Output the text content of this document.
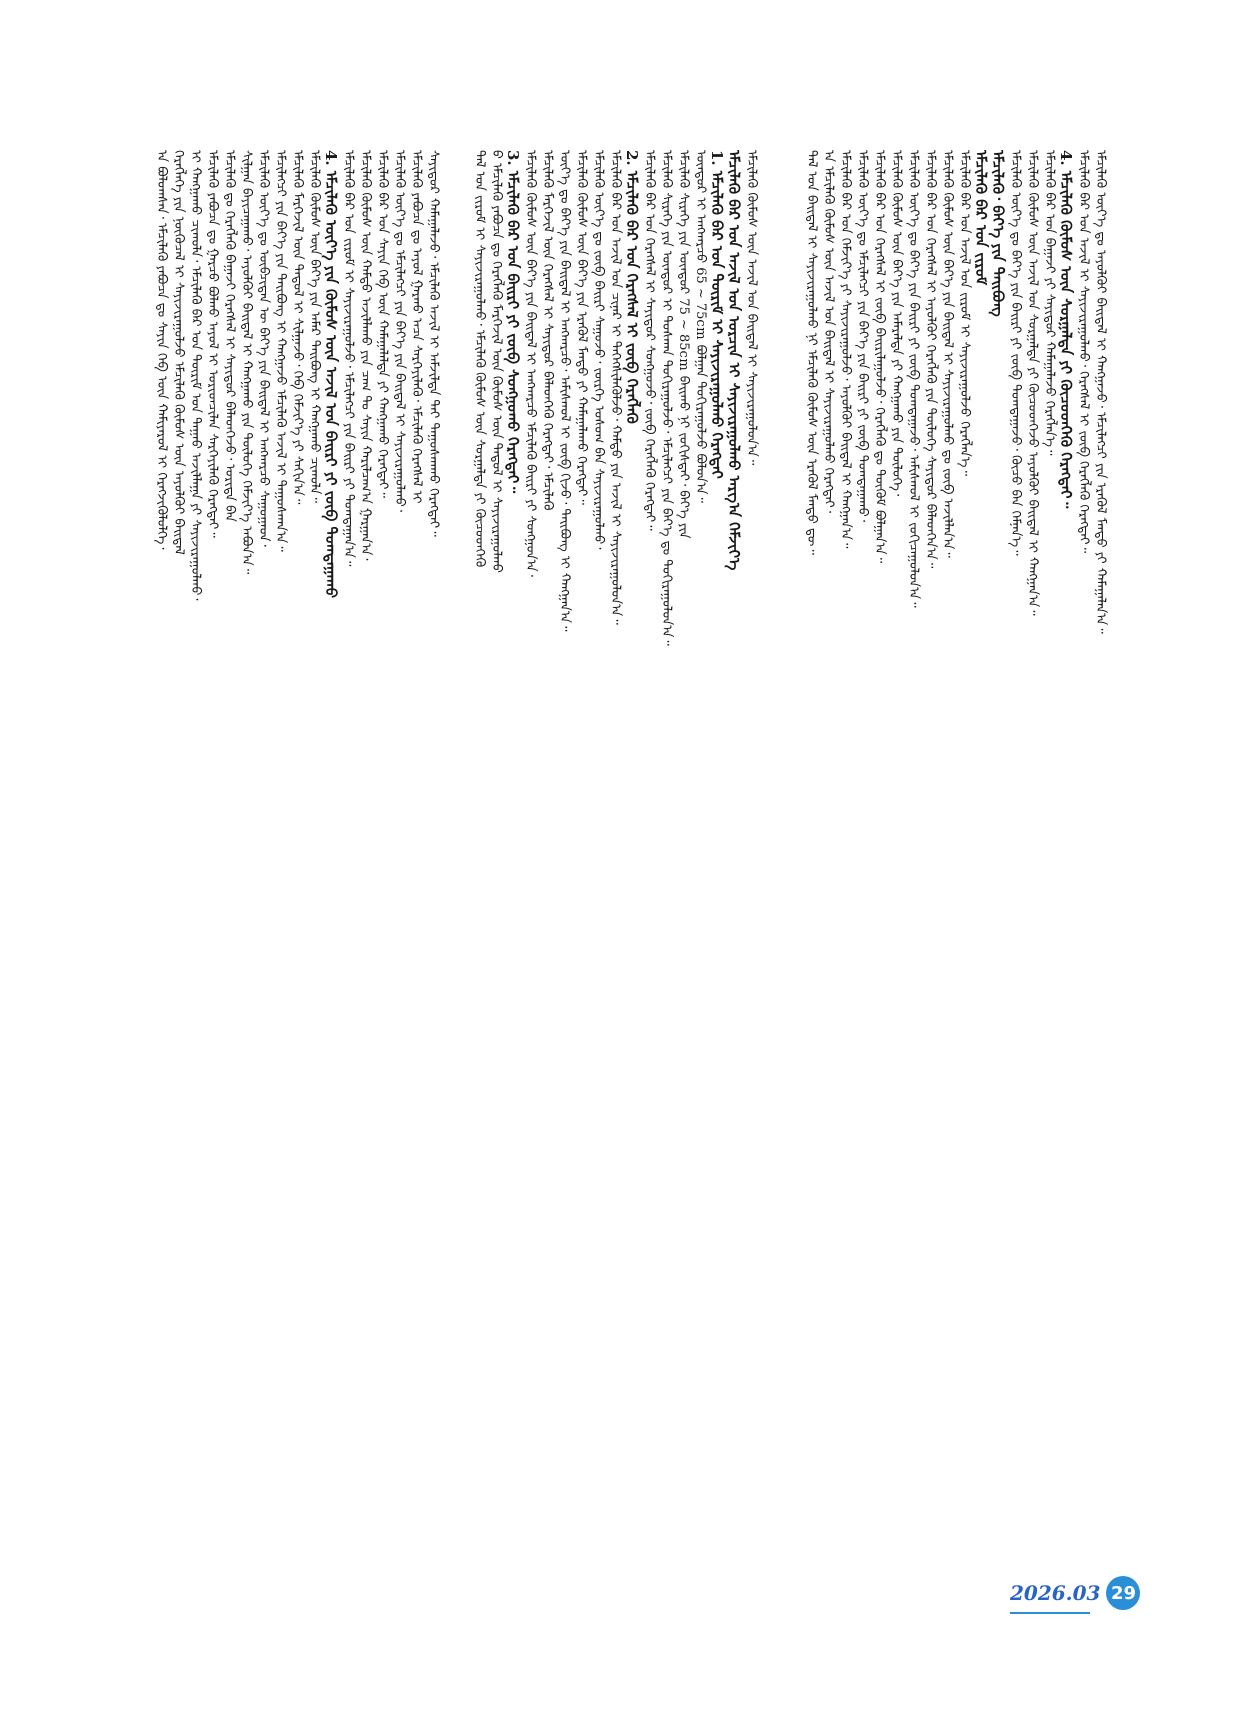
ᠠ ᠪᠤᠯᠤᠭᠰᠠᠨ᠂ ᠡᠮᠴᠢᠯᠡᠬᠦ ᠶᠠᠪᠤᠴᠠ ᠳᠤ ᠰᠠᠶᠢᠨ ᠬᠡᠪ ᠦᠨ ᠬᠠᠮᠢᠶᠠᠷᠤᠯ ᠢ ᠬᠡᠷᠡᠭᠵᠢᠭᠦᠯᠦᠯᠭᠡ᠂ ᠬᠡᠷᠡᠭᠯᠡᠭᠡ ᠶᠢᠨ ᠨᠥᠬᠦᠴᠡᠯ ᠢ ᠰᠠᠶᠢᠵᠢᠷᠠᠭᠤᠯᠵᠤ ᠡᠮᠴᠢᠯᠡᠬᠦ ᠬᠦᠮᠦᠰ ᠦᠨ ᠠᠶᠤᠯᠭᠦᠢ ᠪᠠᠢᠳᠠᠯ ᠢ ᠬᠠᠩᠭᠠᠬᠤ ᠴᠢᠬᠤᠯᠠ᠂ ᠡᠮᠴᠢᠯᠡᠬᠦ ᠪᠠᠷ ᠤᠨ ᠳᠦᠷᠢᠮ ᠤᠨ ᠳᠠᠭᠠᠤ ᠠᠵᠢᠯᠯᠠᠭᠠ ᠶᠢ ᠰᠠᠶᠢᠵᠢᠷᠠᠭᠤᠯᠬᠤ᠂ ᠡᠮᠴᠢᠯᠡᠬᠦ ᠶᠠᠪᠤᠴᠠ ᠳᠤ ᠭᠠᠷᠴᠤ ᠪᠣᠯᠬᠤ ᠠᠶᠤᠯ ᠢ ᠤᠷᠢᠳᠴᠢᠯᠠᠨ ᠰᠡᠷᠭᠡᠶᠢᠯᠡᠬᠦ ᠬᠡᠷᠡᠭᠲᠡᠢ᠃ ᠡᠮᠴᠢᠯᠡᠬᠦ ᠳᠤ ᠬᠡᠷᠡᠭᠯᠡᠬᠦ ᠪᠠᠭᠠᠵᠢ ᠬᠡᠷᠡᠭᠰᠡᠯ ᠢ ᠰᠠᠶᠢᠲᠤᠷ ᠪᠡᠯᠡᠳᠬᠡᠵᠦ᠂ ᠤᠷᠢᠳᠠ ᠪᠡᠨ ᠰᠢᠯᠭᠠᠨ ᠪᠠᠶᠢᠴᠠᠭᠠᠬᠤ᠂ ᠠᠶᠤᠯᠭᠦᠢ ᠪᠠᠢᠳᠠᠯ ᠢ ᠬᠠᠩᠭᠠᠬᠤ ᠶᠢᠨ ᠲᠦᠯᠦᠭᠡ ᠬᠡᠮᠵᠢᠶ᠎ᠡ ᠠᠪᠤᠨ᠎ᠠ᠃ ᠡᠮᠴᠢᠯᠡᠬᠦ ᠦᠶ᠎ᠡ ᠳᠤ ᠥᠪᠴᠢᠲᠡᠨ ᠦ ᠪᠡᠶ᠎ᠡ ᠶᠢᠨ ᠪᠠᠢᠳᠠᠯ ᠢ ᠠᠩᠬᠠᠷᠴᠤ ᠰᠠᠭᠤᠭᠠᠳ᠂ ᠡᠮᠴᠢᠯᠡᠭᠴᠢ ᠶᠢᠨ ᠪᠡᠶ᠎ᠡ ᠶᠢᠨ ᠲᠠᠢᠪᠤᠩ ᠢ ᠬᠠᠩᠭᠠᠵᠤ ᠡᠮᠴᠢᠯᠡᠬᠦ ᠠᠵᠢᠯ ᠢ ᠳᠠᠭᠤᠰᠬᠠᠨ᠎ᠠ᠃ ᠡᠮᠴᠢᠯᠡᠬᠦ ᠮᠡᠷᠭᠡᠵᠢᠯ ᠦᠨ ᠳᠠᠳᠤᠯ ᠢ ᠰᠢᠯᠭᠠᠵᠤ᠂ ᠬᠡᠪ ᠬᠡᠮᠵᠢᠶ᠎ᠡ ᠶᠢ ᠰᠠᠬᠢᠨ᠎ᠠ᠃ ᠡᠮᠴᠢᠯᠡᠬᠦ ᠬᠦᠮᠦᠰ ᠦᠨ ᠪᠡᠶ᠎ᠡ ᠶᠢᠨ ᠠᠮᠠᠷ ᠲᠠᠢᠪᠤᠩ ᠢ ᠬᠠᠩᠭᠠᠬᠤ ᠴᠢᠬᠤᠯᠠ᠃ 4. ᠡᠮᠴᠢᠯᠡᠬᠦ ᠦᠶ᠎ᠡ ᠶᠢᠨ ᠬᠦᠮᠦᠰ ᠦᠨ ᠠᠵᠢᠯ ᠤᠨ ᠪᠠᠢᠷᠢ ᠶᠢ ᠵᠦᠪ ᠲᠣᠭᠲᠠᠭᠠᠬᠤ ᠡᠮᠴᠢᠯᠡᠬᠦ ᠪᠠᠷ ᠤᠨ ᠵᠢᠷᠤᠮ ᠢ ᠰᠠᠶᠢᠵᠢᠷᠠᠭᠤᠯᠵᠤ᠂ ᠡᠮᠴᠢᠯᠡᠭᠴᠢ ᠶᠢᠨ ᠪᠠᠢᠷᠢ ᠶᠢ ᠲᠣᠭᠲᠠᠭᠠᠨ᠎ᠠ᠃ ᠡᠮᠴᠢᠯᠡᠬᠦ ᠬᠦᠮᠦᠰ ᠦᠨ ᠬᠠᠮᠲᠤ ᠠᠵᠢᠯᠯᠠᠬᠤ ᠶᠢᠨ ᠴᠠᠭ ᠲᠤ ᠰᠠᠶᠢᠨ ᠬᠠᠷᠢᠯᠴᠠᠭ᠎ᠠ ᠭᠠᠷᠭᠠᠨ᠎ᠠ᠂ ᠡᠮᠴᠢᠯᠡᠬᠦ ᠪᠠᠷ ᠤᠨ ᠰᠠᠶᠢᠨ ᠬᠡᠪ ᠦᠨ ᠬᠠᠮᠠᠭᠠᠯᠠᠯᠲᠠ ᠶᠢ ᠬᠠᠩᠭᠠᠬᠤ ᠬᠡᠷᠡᠭᠲᠡᠢ᠃ ᠡᠮᠴᠢᠯᠡᠬᠦ ᠦᠶ᠎ᠡ ᠳᠤ ᠡᠮᠴᠢᠯᠡᠭᠴᠢ ᠶᠢᠨ ᠪᠡᠶ᠎ᠡ ᠶᠢᠨ ᠪᠠᠢᠳᠠᠯ ᠢ ᠰᠠᠶᠢᠵᠢᠷᠠᠭᠤᠯᠬᠤ᠂ ᠡᠮᠴᠢᠯᠡᠬᠦ ᠶᠠᠪᠤᠴᠠ ᠳᠤ ᠠᠶᠤᠯ ᠭᠠᠷᠬᠤ ᠠᠴᠠ ᠰᠡᠷᠭᠡᠶᠢᠯᠡᠬᠦ᠂ ᠡᠮᠴᠢᠯᠡᠬᠦ ᠬᠡᠷᠡᠭᠰᠡᠯ ᠢ ᠰᠠᠶᠢᠲᠤᠷ ᠬᠠᠮᠠᠭᠠᠯᠠᠵᠤ᠂ ᠡᠮᠴᠢᠯᠡᠬᠦ ᠠᠵᠢᠯ ᠢ ᠠᠮᠵᠢᠯᠲᠠ ᠲᠠᠢ ᠳᠠᠭᠤᠰᠬᠠᠬᠤ ᠬᠡᠷᠡᠭᠲᠡᠢ᠃	ᠲᠠᠯ ᠤᠨ ᠵᠢᠷᠤᠮ ᠢ ᠰᠠᠶᠢᠵᠢᠷᠠᠭᠤᠯᠬᠤ᠂ ᠡᠮᠴᠢᠯᠡᠬᠦ ᠬᠦᠮᠦᠰ ᠦᠨ ᠰᠤᠷᠭᠠᠯᠲᠠ ᠶᠢ ᠬᠦᠴᠦᠳᠬᠡᠬᠦ ᠪ ᠡᠮᠴᠢᠯᠡᠬᠦ ᠶᠠᠪᠤᠴᠠ ᠳᠤ ᠬᠡᠷᠡᠭᠯᠡᠬᠦ ᠮᠡᠷᠭᠡᠵᠢᠯ ᠦᠨ ᠬᠦᠮᠦᠰ ᠦᠨ ᠳᠠᠳᠤᠯ ᠢ ᠰᠠᠶᠢᠵᠢᠷᠠᠭᠤᠯᠬᠤ 3. ᠡᠮᠴᠢᠯᠡᠬᠦ ᠪᠠᠷ ᠤᠨ ᠪᠠᠢᠷᠢ ᠶᠢ ᠵᠥᠪ ᠰᠣᠩᠭᠣᠬᠤ ᠬᠡᠷᠡᠭᠲᠡᠢ᠃ ᠡᠮᠴᠢᠯᠡᠬᠦ ᠬᠦᠮᠦᠰ ᠦᠨ ᠪᠡᠶ᠎ᠡ ᠶᠢᠨ ᠪᠠᠢᠳᠠᠯ ᠢ ᠠᠩᠬᠠᠷᠴᠤ ᠡᠮᠴᠢᠯᠡᠬᠦ ᠪᠠᠢᠷᠢ ᠶᠢ ᠰᠣᠩᠭᠣᠨ᠎ᠠ᠂ ᠡᠮᠴᠢᠯᠡᠬᠦ ᠮᠡᠷᠭᠡᠵᠢᠯ ᠦᠨ ᠬᠡᠷᠡᠭᠰᠡᠯ ᠢ ᠰᠠᠶᠢᠲᠤᠷ ᠪᠡᠯᠡᠳᠬᠡᠬᠦ ᠬᠡᠷᠡᠭᠲᠡᠢ᠂ ᠡᠮᠴᠢᠯᠡᠬᠦ ᠦᠶ᠎ᠡ ᠳᠤ ᠪᠡᠶ᠎ᠡ ᠶᠢᠨ ᠪᠠᠢᠳᠠᠯ ᠢ ᠠᠩᠬᠠᠷᠴᠤ᠂ ᠠᠮᠢᠰᠬᠤᠯ ᠢ ᠵᠥᠪ ᠬᠢᠵᠦ᠂ ᠲᠠᠢᠪᠤᠩ ᠢ ᠬᠠᠩᠭᠠᠨ᠎ᠠ᠃ ᠡᠮᠴᠢᠯᠡᠬᠦ ᠬᠦᠮᠦᠰ ᠦᠨ ᠪᠡᠶ᠎ᠡ ᠶᠢᠨ ᠡᠷᠡᠭᠦᠯ ᠮᠡᠨᠳᠦ ᠶᠢ ᠬᠠᠮᠠᠭᠠᠯᠠᠬᠤ ᠬᠡᠷᠡᠭᠲᠡᠢ᠃ ᠡᠮᠴᠢᠯᠡᠬᠦ ᠦᠶ᠎ᠡ ᠳᠤ ᠵᠥᠪ ᠪᠠᠢᠷᠢ ᠰᠠᠭᠤᠵᠤ᠂ ᠵᠦᠷᠬᠡ ᠤᠰᠤᠭ ᠪᠠᠨ ᠰᠠᠶᠢᠵᠢᠷᠠᠭᠤᠯᠬᠤ᠂ ᠡᠮᠴᠢᠯᠡᠬᠦ ᠪᠠᠷ ᠤᠨ ᠠᠵᠢᠯ ᠤᠨ ᠴᠢᠨᠠᠷ ᠢ ᠳᠡᠭᠡᠭᠰᠢᠯᠡᠭᠦᠯᠵᠦ᠂ ᠬᠠᠮᠲᠤ ᠶᠢᠨ ᠠᠵᠢᠯ ᠢ ᠰᠠᠶᠢᠵᠢᠷᠠᠭᠤᠯᠤᠨ᠎ᠠ᠃ 2. ᠡᠮᠴᠢᠯᠡᠬᠦ ᠪᠠᠷ ᠤᠨ ᠬᠡᠷᠡᠭᠰᠡᠯ ᠢ ᠵᠥᠪ ᠬᠡᠷᠡᠭᠯᠡᠬᠦ ᠡᠮᠴᠢᠯᠡᠬᠦ ᠪᠠᠷ ᠤᠨ ᠬᠡᠷᠡᠭᠰᠡᠯ ᠢ ᠰᠠᠶᠢᠲᠤᠷ ᠰᠣᠩᠭᠣᠵᠤ᠂ ᠵᠥᠪ ᠬᠡᠷᠡᠭᠯᠡᠬᠦ ᠬᠡᠷᠡᠭᠲᠡᠢ᠃ ᠡᠮᠴᠢᠯᠡᠬᠦ ᠰᠢᠷᠡᠭᠡ ᠶᠢᠨ ᠥᠨᠳᠦᠷ ᠢ ᠳᠤᠰᠬᠠᠨ ᠲᠣᠬᠢᠷᠠᠭᠤᠯᠵᠤ᠂ ᠡᠮᠴᠢᠯᠡᠭᠴᠢ ᠶᠢᠨ ᠪᠡᠶ᠎ᠡ ᠳᠤ ᠲᠣᠬᠢᠷᠠᠭᠤᠯᠤᠨ᠎ᠠ᠃ ᠡᠮᠴᠢᠯᠡᠬᠦ ᠰᠢᠷᠡᠭᠡ ᠶᠢᠨ ᠥᠨᠳᠦᠷ 75 ~ 85cm ᠪᠠᠢᠬᠤ ᠨᠢ ᠵᠣᠬᠢᠰᠲᠠᠢ᠂ ᠪᠡᠶ᠎ᠡ ᠶᠢᠨ ᠥᠨᠳᠦᠷ ᠢ ᠠᠩᠬᠠᠷᠴᠤ 65 ~ 75cm ᠪᠣᠯᠭᠠᠨ ᠲᠣᠬᠢᠷᠠᠭᠤᠯᠵᠤ ᠪᠣᠯᠤᠨ᠎ᠠ᠃ 1. ᠡᠮᠴᠢᠯᠡᠬᠦ ᠪᠠᠷ ᠤᠨ ᠳᠦᠷᠢᠮ ᠢ ᠰᠠᠶᠢᠵᠢᠷᠠᠭᠤᠯᠬᠤ ᠬᠡᠷᠡᠭᠲᠡᠢ ᠡᠮᠴᠢᠯᠡᠬᠦ ᠪᠠᠷ ᠤᠨ ᠠᠵᠢᠯ ᠤᠨ ᠤᠷᠴᠢᠨ ᠢ ᠰᠠᠶᠢᠵᠢᠷᠠᠭᠤᠯᠬᠤ ᠠᠷᠭ᠎ᠠ ᠬᠡᠮᠵᠢᠶ᠎ᠡ ᠡᠮᠴᠢᠯᠡᠬᠦ ᠬᠦᠮᠦᠰ ᠦᠨ ᠠᠵᠢᠯ ᠤᠨ ᠪᠠᠢᠳᠠᠯ ᠢ ᠰᠠᠶᠢᠵᠢᠷᠠᠭᠤᠯᠤᠨ᠎ᠠ᠃	ᠲᠠᠯ ᠤᠨ ᠪᠠᠢᠳᠠᠯ ᠢ ᠰᠠᠶᠢᠵᠢᠷᠠᠭᠤᠯᠬᠤ ᠨᠢ ᠡᠮᠴᠢᠯᠡᠬᠦ ᠬᠦᠮᠦᠰ ᠦᠨ ᠡᠷᠡᠭᠦᠯ ᠮᠡᠨᠳᠦ ᠳᠦ᠃ ᠠ ᠡᠮᠴᠢᠯᠡᠬᠦ ᠬᠦᠮᠦᠰ ᠦᠨ ᠠᠵᠢᠯ ᠤᠨ ᠪᠠᠢᠳᠠᠯ ᠢ ᠰᠠᠶᠢᠵᠢᠷᠠᠭᠤᠯᠬᠤ ᠬᠡᠷᠡᠭᠲᠡᠢ᠂ ᠡᠮᠴᠢᠯᠡᠬᠦ ᠪᠠᠷ ᠤᠨ ᠬᠡᠮᠵᠢᠶ᠎ᠡ ᠶᠢ ᠰᠠᠶᠢᠵᠢᠷᠠᠭᠤᠯᠵᠤ᠂ ᠠᠶᠤᠯᠭᠦᠢ ᠪᠠᠢᠳᠠᠯ ᠢ ᠬᠠᠩᠭᠠᠨ᠎ᠠ᠃ ᠡᠮᠴᠢᠯᠡᠬᠦ ᠦᠶ᠎ᠡ ᠳᠤ ᠡᠮᠴᠢᠯᠡᠭᠴᠢ ᠶᠢᠨ ᠪᠡᠶ᠎ᠡ ᠶᠢᠨ ᠪᠠᠢᠷᠢ ᠶᠢ ᠵᠥᠪ ᠲᠣᠭᠲᠠᠭᠠᠬᠤ᠂ ᠡᠮᠴᠢᠯᠡᠬᠦ ᠪᠠᠷ ᠤᠨ ᠬᠡᠷᠡᠭᠰᠡᠯ ᠢ ᠵᠥᠪ ᠪᠠᠢᠷᠢᠯᠠᠭᠤᠯᠵᠤ᠂ ᠬᠡᠷᠡᠭᠯᠡᠬᠦ ᠳᠤ ᠳᠥᠬᠦᠮ ᠪᠣᠯᠭᠠᠨ᠎ᠠ᠃ ᠡᠮᠴᠢᠯᠡᠬᠦ ᠬᠦᠮᠦᠰ ᠦᠨ ᠪᠡᠶ᠎ᠡ ᠶᠢᠨ ᠠᠮᠠᠷᠠᠯᠲᠠ ᠶᠢ ᠬᠠᠩᠭᠠᠬᠤ ᠶᠢᠨ ᠲᠥᠯᠦᠭᠡ᠂ ᠡᠮᠴᠢᠯᠡᠬᠦ ᠦᠶ᠎ᠡ ᠳᠤ ᠪᠡᠶ᠎ᠡ ᠶᠢᠨ ᠪᠠᠢᠷᠢ ᠶᠢ ᠵᠥᠪ ᠲᠣᠭᠲᠠᠭᠠᠵᠤ᠂ ᠠᠮᠢᠰᠬᠤᠯ ᠢ ᠵᠣᠬᠢᠴᠠᠭᠤᠯᠤᠨ᠎ᠠ᠃ ᠡᠮᠴᠢᠯᠡᠬᠦ ᠪᠠᠷ ᠤᠨ ᠬᠡᠷᠡᠭᠰᠡᠯ ᠢ ᠠᠶᠤᠯᠭᠦᠢ ᠬᠡᠷᠡᠭᠯᠡᠬᠦ ᠶᠢᠨ ᠲᠥᠯᠦᠭᠡ ᠰᠠᠶᠢᠲᠤᠷ ᠪᠡᠯᠡᠳᠬᠡᠨ᠎ᠠ᠃ ᠡᠮᠴᠢᠯᠡᠬᠦ ᠬᠦᠮᠦᠰ ᠦᠨ ᠪᠡᠶ᠎ᠡ ᠶᠢᠨ ᠪᠠᠢᠳᠠᠯ ᠢ ᠰᠠᠶᠢᠵᠢᠷᠠᠭᠤᠯᠬᠤ ᠳᠤ ᠵᠥᠪ ᠠᠵᠢᠯᠯᠠᠨ᠎ᠠ᠃ ᠡᠮᠴᠢᠯᠡᠬᠦ ᠪᠠᠷ ᠤᠨ ᠠᠵᠢᠯ ᠤᠨ ᠵᠢᠷᠤᠮ ᠢ ᠰᠠᠶᠢᠵᠢᠷᠠᠭᠤᠯᠵᠤ ᠬᠡᠷᠡᠭᠯᠡᠨ᠎ᠡ᠃ ᠡᠮᠴᠢᠯᠡᠬᠦ ᠪᠠᠷ ᠤᠨ ᠵᠢᠷᠤᠮ ᠡᠮᠴᠢᠯᠡᠬᠦ᠂ ᠪᠡᠶ᠎ᠡ ᠶᠢᠨ ᠲᠠᠢᠪᠤᠩ ᠡᠮᠴᠢᠯᠡᠬᠦ ᠦᠶ᠎ᠡ ᠳᠤ ᠪᠡᠶ᠎ᠡ ᠶᠢᠨ ᠪᠠᠢᠷᠢ ᠶᠢ ᠵᠥᠪ ᠲᠣᠭᠲᠠᠭᠠᠵᠤ᠂ ᠬᠦᠴᠦ ᠪᠡᠨ ᠬᠡᠮᠨᠡᠨ᠎ᠡ᠃ ᠡᠮᠴᠢᠯᠡᠬᠦ ᠬᠦᠮᠦᠰ ᠦᠨ ᠠᠵᠢᠯ ᠤᠨ ᠰᠤᠷᠭᠠᠯᠲᠠ ᠶᠢ ᠬᠦᠴᠦᠳᠬᠡᠵᠦ ᠠᠶᠤᠯᠭᠦᠢ ᠪᠠᠢᠳᠠᠯ ᠢ ᠬᠠᠩᠭᠠᠨ᠎ᠠ᠃ ᠡᠮᠴᠢᠯᠡᠬᠦ ᠪᠠᠷ ᠤᠨ ᠪᠠᠭᠠᠵᠢ ᠶᠢ ᠰᠠᠶᠢᠲᠤᠷ ᠬᠠᠮᠠᠭᠠᠯᠠᠵᠤ ᠬᠡᠷᠡᠭᠯᠡᠨ᠎ᠡ᠃ 4. ᠡᠮᠴᠢᠯᠡᠬᠦ ᠬᠦᠮᠦᠰ ᠦᠨ ᠰᠤᠷᠭᠠᠯᠲᠠ ᠶᠢ ᠬᠦᠴᠦᠳᠬᠡᠬᠦ ᠬᠡᠷᠡᠭᠲᠡᠢ᠃ ᠡᠮᠴᠢᠯᠡᠬᠦ ᠪᠠᠷ ᠤᠨ ᠠᠵᠢᠯ ᠢ ᠰᠠᠶᠢᠵᠢᠷᠠᠭᠤᠯᠬᠤ᠂ ᠬᠡᠷᠡᠭᠰᠡᠯ ᠢ ᠵᠥᠪ ᠬᠡᠷᠡᠭᠯᠡᠬᠦ ᠬᠡᠷᠡᠭᠲᠡᠢ᠃ ᠡᠮᠴᠢᠯᠡᠬᠦ ᠦᠶ᠎ᠡ ᠳᠤ ᠠᠶᠤᠯᠭᠦᠢ ᠪᠠᠢᠳᠠᠯ ᠢ ᠬᠠᠩᠭᠠᠵᠤ᠂ ᠡᠮᠴᠢᠯᠡᠭᠴᠢ ᠶᠢᠨ ᠡᠷᠡᠭᠦᠯ ᠮᠡᠨᠳᠦ ᠶᠢ ᠬᠠᠮᠠᠭᠠᠯᠠᠨ᠎ᠠ᠃
2026.03 29
